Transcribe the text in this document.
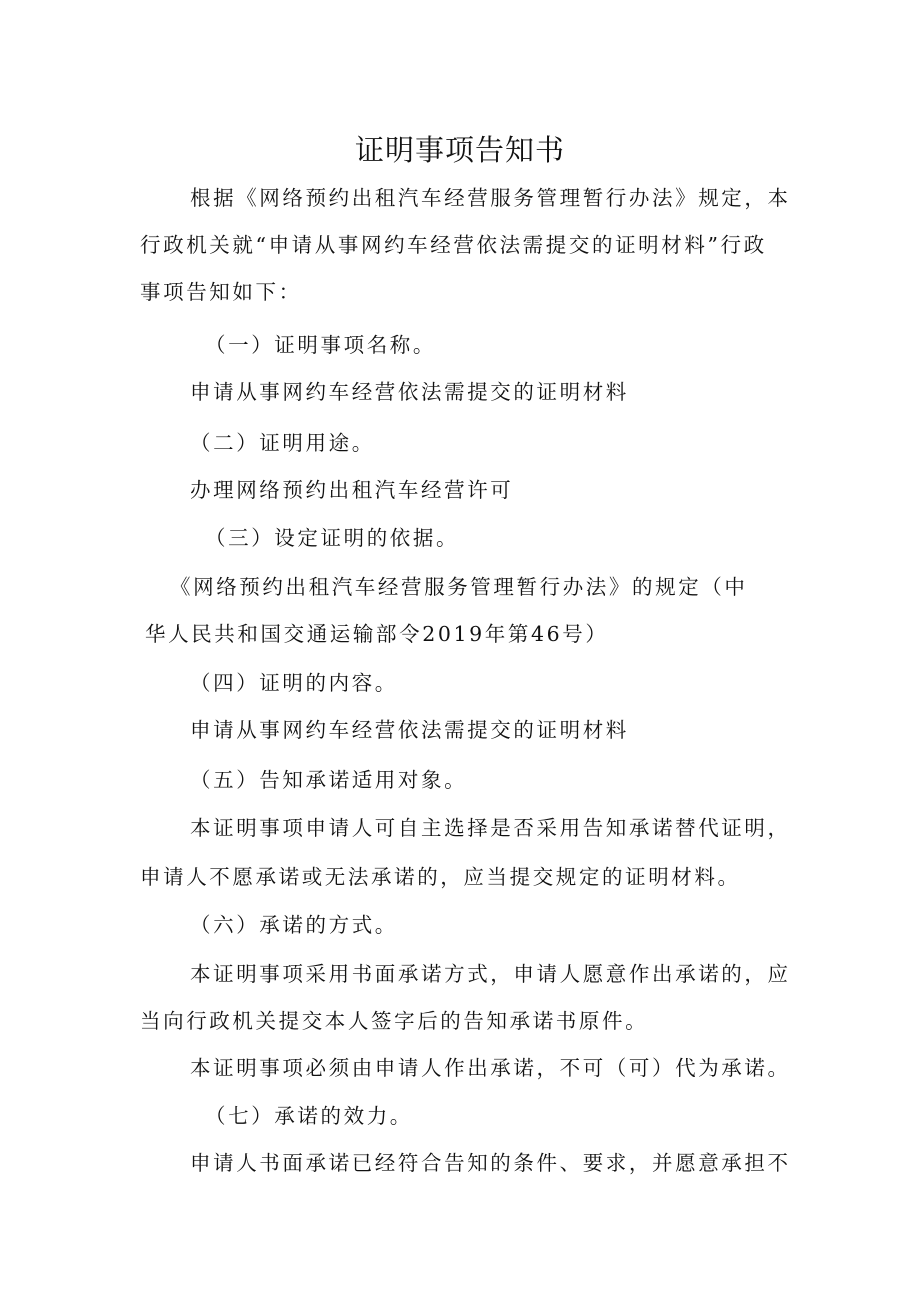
证明事项告知书
根据《网络预约出租汽车经营服务管理暂行办法》规定，本
行政机关就“申请从事网约车经营依法需提交的证明材料”行政
事项告知如下：
（一）证明事项名称。
申请从事网约车经营依法需提交的证明材料
（二）证明用途。
办理网络预约出租汽车经营许可
（三）设定证明的依据。
《网络预约出租汽车经营服务管理暂行办法》的规定（中
华人民共和国交通运输部令2019年第46号）
（四）证明的内容。
申请从事网约车经营依法需提交的证明材料
（五）告知承诺适用对象。
本证明事项申请人可自主选择是否采用告知承诺替代证明，
申请人不愿承诺或无法承诺的，应当提交规定的证明材料。
（六）承诺的方式。
本证明事项采用书面承诺方式，申请人愿意作出承诺的，应
当向行政机关提交本人签字后的告知承诺书原件。
本证明事项必须由申请人作出承诺，不可（可）代为承诺。
（七）承诺的效力。
申请人书面承诺已经符合告知的条件、要求，并愿意承担不
